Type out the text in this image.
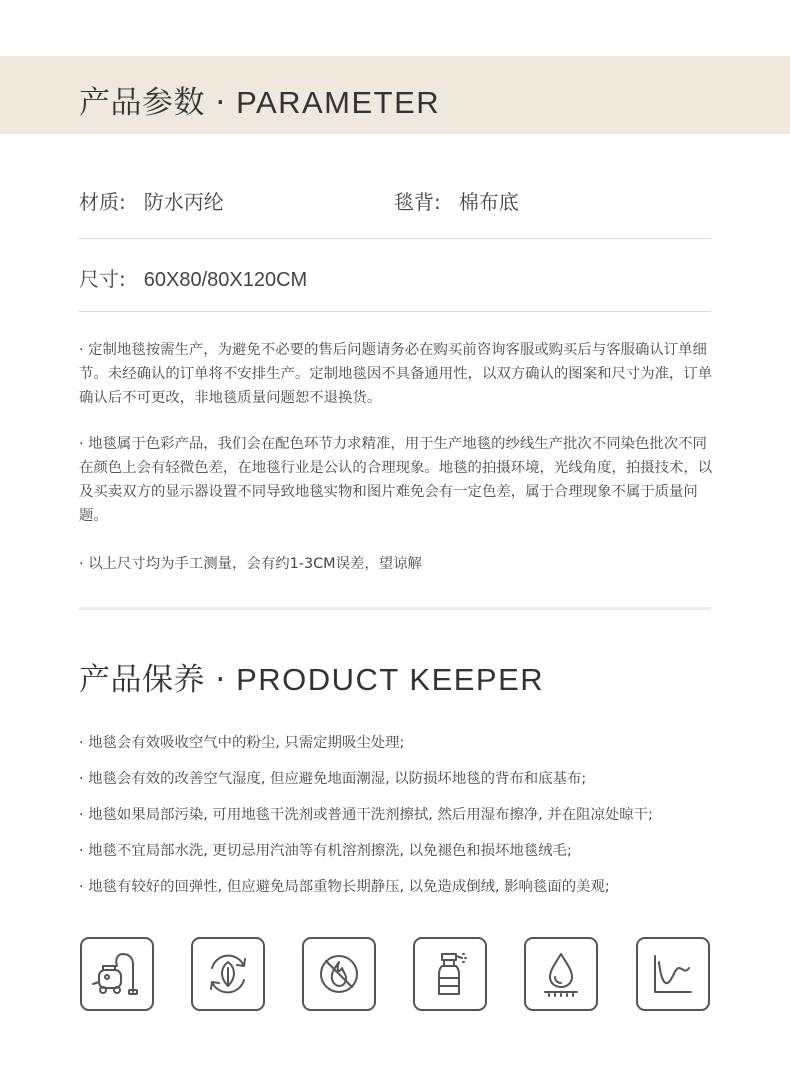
产品参数 · PARAMETER
材质: 防水丙纶	毯背: 棉布底
尺寸: 60X80/80X120CM

· 定制地毯按需生产，为避免不必要的售后问题请务必在购买前咨询客服或购买后与客服确认订单细节。未经确认的订单将不安排生产。定制地毯因不具备通用性，以双方确认的图案和尺寸为准，订单确认后不可更改，非地毯质量问题恕不退换货。

· 地毯属于色彩产品，我们会在配色环节力求精准，用于生产地毯的纱线生产批次不同染色批次不同在颜色上会有轻微色差，在地毯行业是公认的合理现象。地毯的拍摄环境，光线角度，拍摄技术，以及买卖双方的显示器设置不同导致地毯实物和图片难免会有一定色差，属于合理现象不属于质量问题。

· 以上尺寸均为手工测量，会有约1-3CM误差，望谅解

产品保养 · PRODUCT KEEPER

· 地毯会有效吸收空气中的粉尘, 只需定期吸尘处理;

· 地毯会有效的改善空气湿度, 但应避免地面潮湿, 以防损坏地毯的背布和底基布;

· 地毯如果局部污染, 可用地毯干洗剂或普通干洗剂擦拭, 然后用湿布擦净, 并在阻凉处晾干;

· 地毯不宜局部水洗, 更切忌用汽油等有机溶剂擦洗, 以免褪色和损坏地毯绒毛;

· 地毯有较好的回弹性, 但应避免局部重物长期静压, 以免造成倒绒, 影响毯面的美观;
